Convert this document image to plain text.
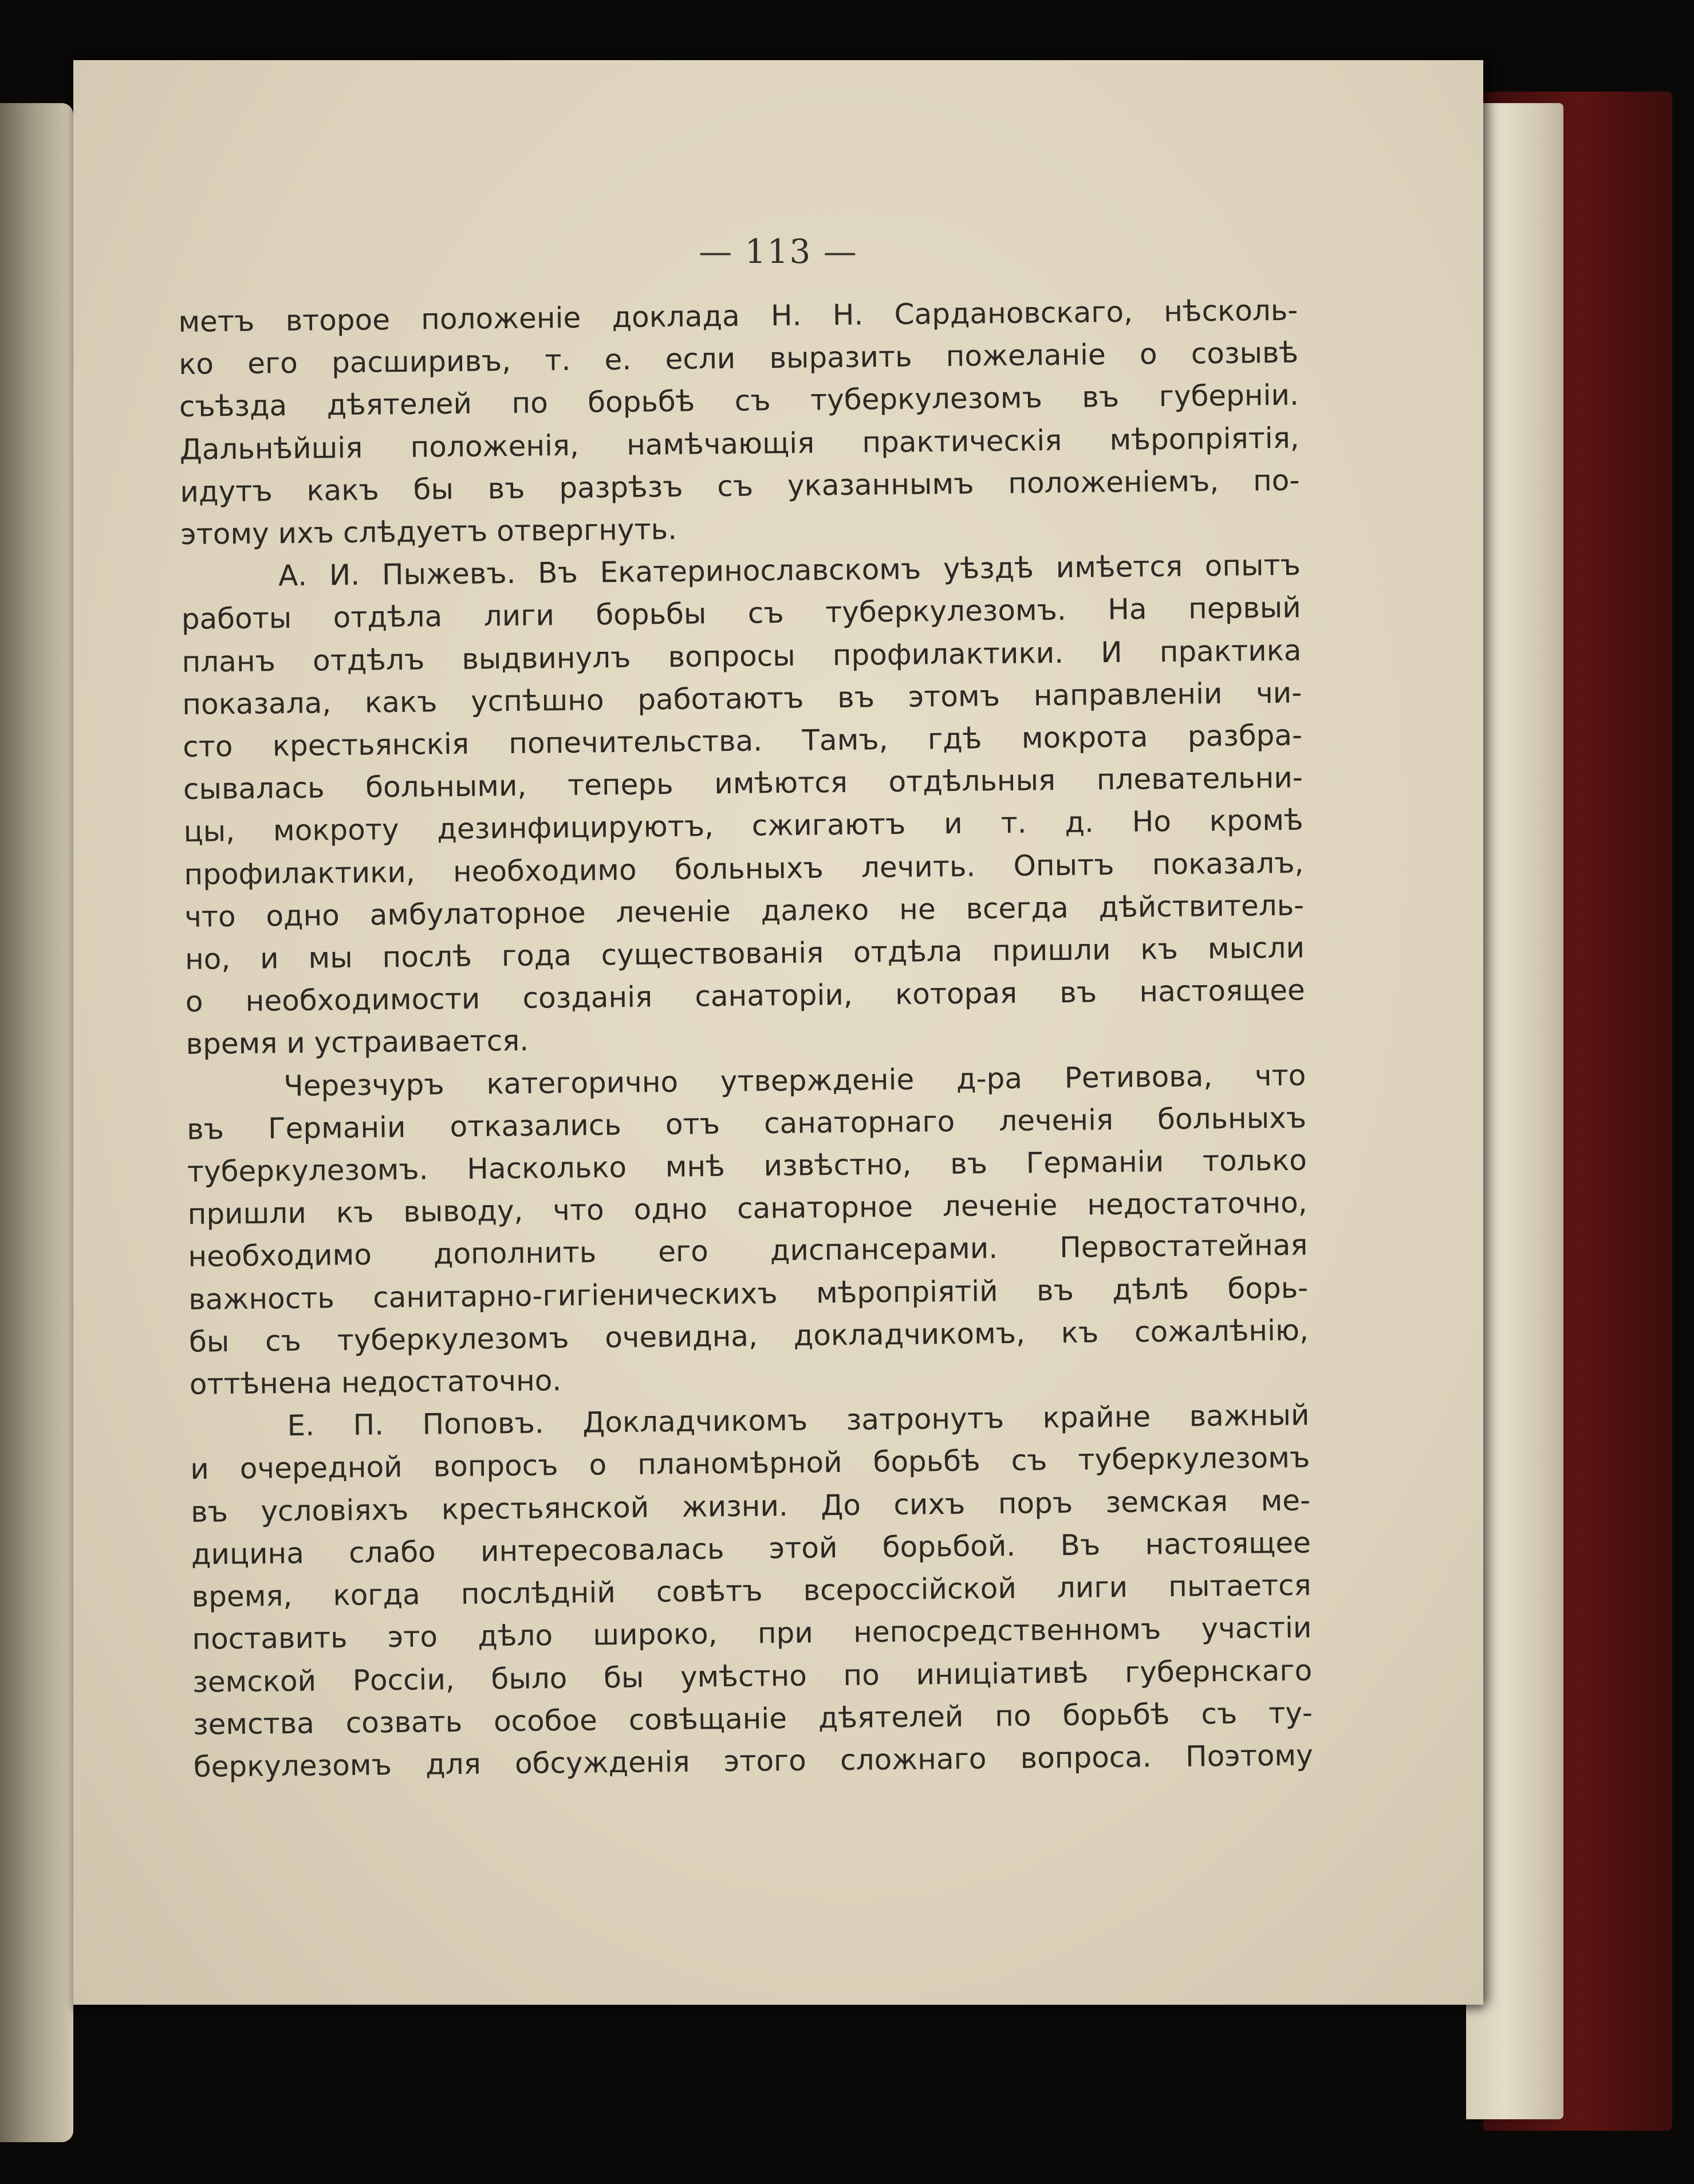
— 113 —
метъ второе положенiе доклада Н. Н. Сардановскаго, нѣсколь-
ко его расширивъ, т. е. если выразить пожеланiе о созывѣ
съѣзда дѣятелей по борьбѣ съ туберкулезомъ въ губернiи.
Дальнѣйшiя положенiя, намѣчающiя практическiя мѣропрiятiя,
идутъ какъ бы въ разрѣзъ съ указаннымъ положенiемъ, по-
этому ихъ слѣдуетъ отвергнуть.
А. И. Пыжевъ. Въ Екатеринославскомъ уѣздѣ имѣется опытъ
работы отдѣла лиги борьбы съ туберкулезомъ. На первый
планъ отдѣлъ выдвинулъ вопросы профилактики. И практика
показала, какъ успѣшно работаютъ въ этомъ направленiи чи-
сто крестьянскiя попечительства. Тамъ, гдѣ мокрота разбра-
сывалась больными, теперь имѣются отдѣльныя плевательни-
цы, мокроту дезинфицируютъ, сжигаютъ и т. д. Но кромѣ
профилактики, необходимо больныхъ лечить. Опытъ показалъ,
что одно амбулаторное леченiе далеко не всегда дѣйствитель-
но, и мы послѣ года существованiя отдѣла пришли къ мысли
о необходимости созданiя санаторiи, которая въ настоящее
время и устраивается.
Черезчуръ категорично утвержденiе д-ра Ретивова, что
въ Германiи отказались отъ санаторнаго леченiя больныхъ
туберкулезомъ. Насколько мнѣ извѣстно, въ Германiи только
пришли къ выводу, что одно санаторное леченiе недостаточно,
необходимо дополнить его диспансерами. Первостатейная
важность санитарно-гигiеническихъ мѣропрiятiй въ дѣлѣ борь-
бы съ туберкулезомъ очевидна, докладчикомъ, къ сожалѣнiю,
оттѣнена недостаточно.
Е. П. Поповъ. Докладчикомъ затронутъ крайне важный
и очередной вопросъ о планомѣрной борьбѣ съ туберкулезомъ
въ условiяхъ крестьянской жизни. До сихъ поръ земская ме-
дицина слабо интересовалась этой борьбой. Въ настоящее
время, когда послѣднiй совѣтъ всероссiйской лиги пытается
поставить это дѣло широко, при непосредственномъ участiи
земской Россiи, было бы умѣстно по иницiативѣ губернскаго
земства созвать особое совѣщанiе дѣятелей по борьбѣ съ ту-
беркулезомъ для обсужденiя этого сложнаго вопроса. Поэтому
